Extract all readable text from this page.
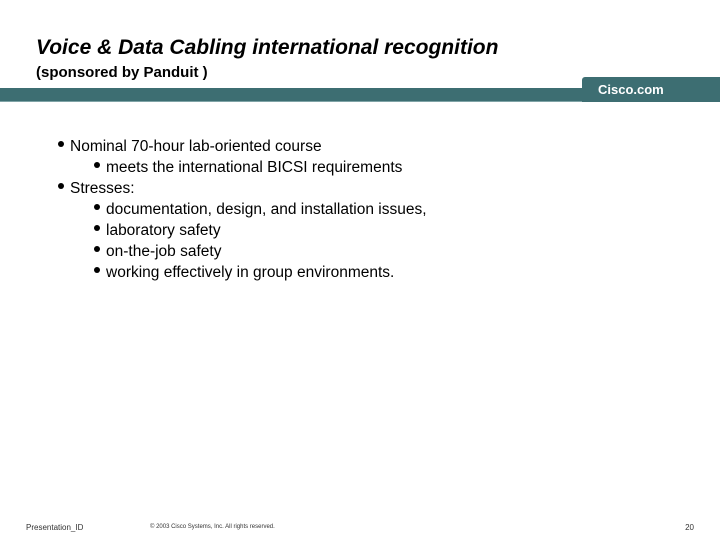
Voice & Data Cabling international recognition
(sponsored by Panduit )
Cisco.com
Nominal 70-hour lab-oriented course
meets the international BICSI requirements
Stresses:
documentation, design, and installation issues,
laboratory safety
on-the-job safety
working effectively in group environments.
Presentation_ID	© 2003 Cisco Systems, Inc. All rights reserved.	20
